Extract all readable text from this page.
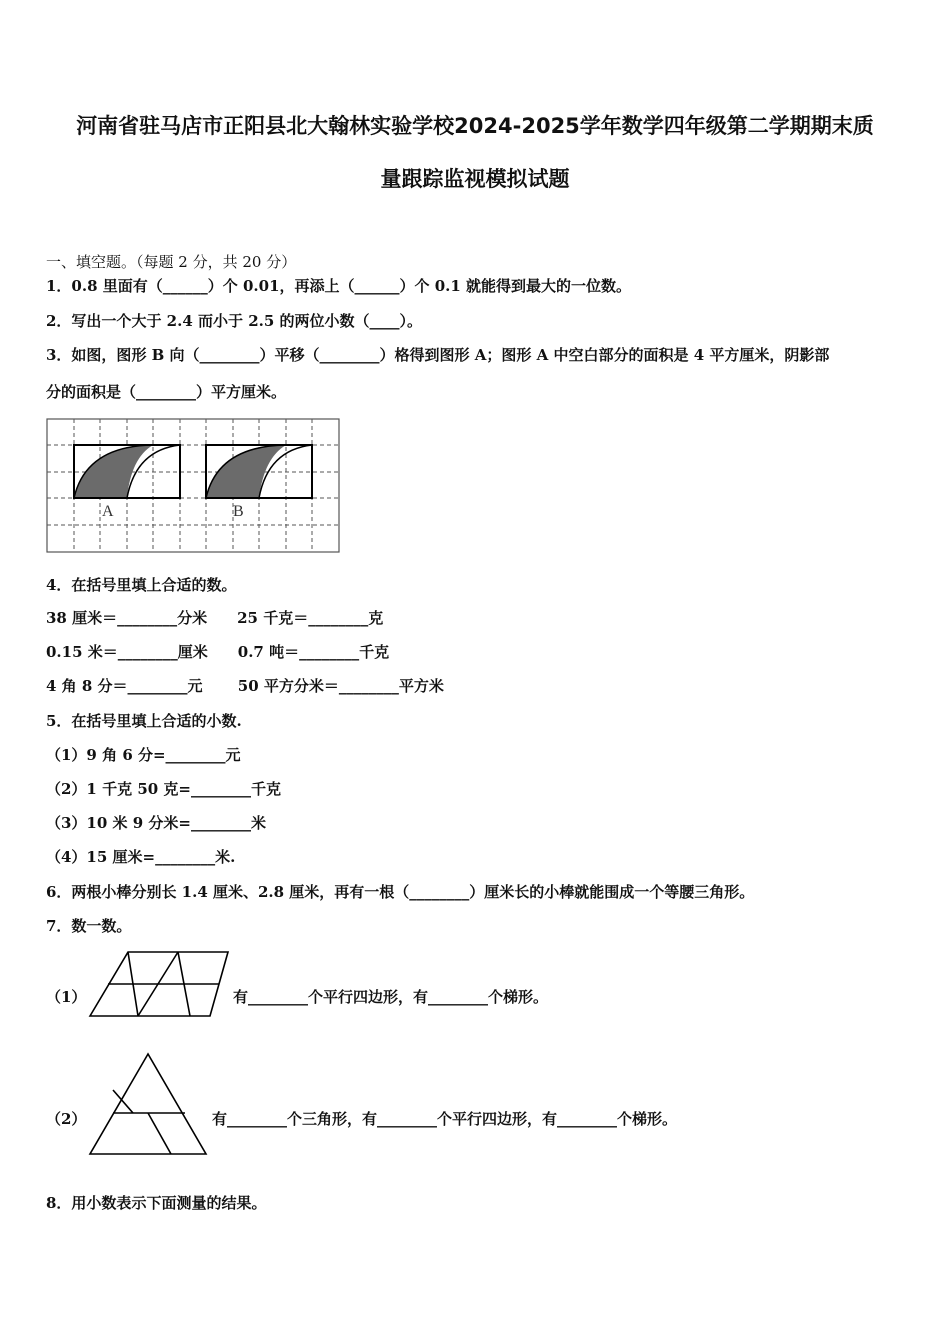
河南省驻马店市正阳县北大翰林实验学校2024-2025学年数学四年级第二学期期末质
量跟踪监视模拟试题
一、填空题。（每题 2 分，共 20 分）
1．0.8 里面有（______）个 0.01，再添上（______）个 0.1 就能得到最大的一位数。
2．写出一个大于 2.4 而小于 2.5 的两位小数（____）。
3．如图，图形 B 向（________）平移（________）格得到图形 A；图形 A 中空白部分的面积是 4 平方厘米，阴影部
分的面积是（________）平方厘米。
A	B
4．在括号里填上合适的数。
38 厘米＝________分米　　25 千克＝________克
0.15 米＝________厘米　　0.7 吨＝________千克
4 角 8 分＝________元　　 50 平方分米＝________平方米
5．在括号里填上合适的小数.
（1）9 角 6 分=________元
（2）1 千克 50 克=________千克
（3）10 米 9 分米=________米
（4）15 厘米=________米.
6．两根小棒分别长 1.4 厘米、2.8 厘米，再有一根（________）厘米长的小棒就能围成一个等腰三角形。
7．数一数。
（1）	有________个平行四边形，有________个梯形。
（2）	有________个三角形，有________个平行四边形，有________个梯形。
8．用小数表示下面测量的结果。
